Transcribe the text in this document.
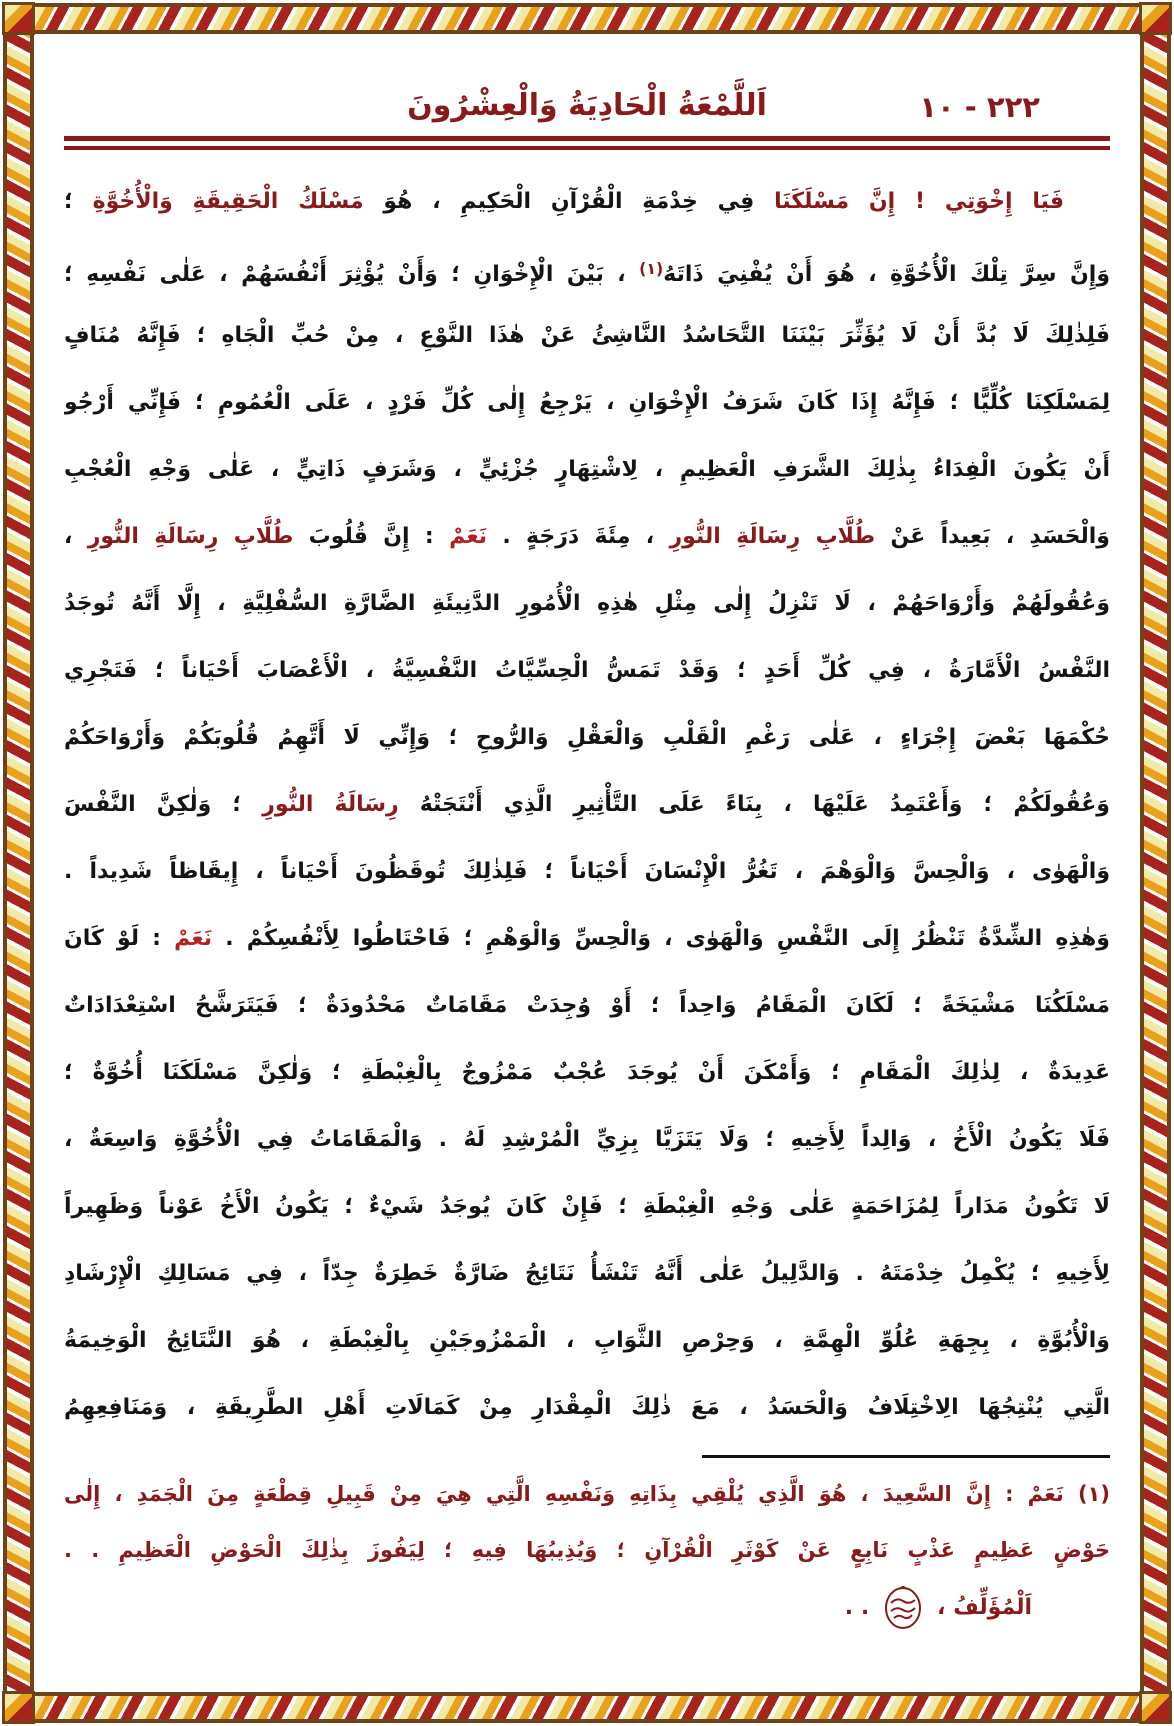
٢٢٢ - ١٠
اَللَّمْعَةُ الْحَادِيَةُ وَالْعِشْرُونَ
فَيَا إِخْوَتِي ! إِنَّ مَسْلَكَنَا فِي خِدْمَةِ الْقُرْآنِ الْحَكِيمِ ، هُوَ مَسْلَكُ الْحَقِيقَةِ وَالْأُخُوَّةِ ؛
وَإِنَّ سِرَّ تِلْكَ الْأُخُوَّةِ ، هُوَ أَنْ يُفْنِيَ ذَاتَهُ$^{(١)}$ ، بَيْنَ الْإِخْوَانِ ؛ وَأَنْ يُؤْثِرَ أَنْفُسَهُمْ ، عَلٰى نَفْسِهِ ؛
فَلِذٰلِكَ لَا بُدَّ أَنْ لَا يُؤَثِّرَ بَيْنَنَا التَّحَاسُدُ النَّاشِئُ عَنْ هٰذَا النَّوْعِ ، مِنْ حُبِّ الْجَاهِ ؛ فَإِنَّهُ مُنَافٍ
لِمَسْلَكِنَا كُلِّيًّا ؛ فَإِنَّهُ إِذَا كَانَ شَرَفُ الْإِخْوَانِ ، يَرْجِعُ إِلٰى كُلِّ فَرْدٍ ، عَلَى الْعُمُومِ ؛ فَإِنِّي أَرْجُو
أَنْ يَكُونَ الْفِدَاءُ بِذٰلِكَ الشَّرَفِ الْعَظِيمِ ، لِاشْتِهَارٍ جُزْئِيٍّ ، وَشَرَفٍ ذَاتِيٍّ ، عَلٰى وَجْهِ الْعُجْبِ
وَالْحَسَدِ ، بَعِيداً عَنْ طُلَّابِ رِسَالَةِ النُّورِ ، مِئَةَ دَرَجَةٍ . نَعَمْ : إِنَّ قُلُوبَ طُلَّابِ رِسَالَةِ النُّورِ ،
وَعُقُولَهُمْ وَأَرْوَاحَهُمْ ، لَا تَنْزِلُ إِلٰى مِثْلِ هٰذِهِ الْأُمُورِ الدَّنِيئَةِ الضَّارَّةِ السُّفْلِيَّةِ ، إِلَّا أَنَّهُ تُوجَدُ
النَّفْسُ الْأَمَّارَةُ ، فِي كُلِّ أَحَدٍ ؛ وَقَدْ تَمَسُّ الْحِسِّيَّاتُ النَّفْسِيَّةُ ، الْأَعْصَابَ أَحْيَاناً ؛ فَتَجْرِي
حُكْمَهَا بَعْضَ إِجْرَاءٍ ، عَلٰى رَغْمِ الْقَلْبِ وَالْعَقْلِ وَالرُّوحِ ؛ وَإِنِّي لَا أَتَّهِمُ قُلُوبَكُمْ وَأَرْوَاحَكُمْ
وَعُقُولَكُمْ ؛ وَأَعْتَمِدُ عَلَيْهَا ، بِنَاءً عَلَى التَّأْثِيرِ الَّذِي أَنْتَجَتْهُ رِسَالَةُ النُّورِ ؛ وَلٰكِنَّ النَّفْسَ
وَالْهَوٰى ، وَالْحِسَّ وَالْوَهْمَ ، تَغُرُّ الْإِنْسَانَ أَحْيَاناً ؛ فَلِذٰلِكَ تُوقَظُونَ أَحْيَاناً ، إِيقَاظاً شَدِيداً .
وَهٰذِهِ الشِّدَّةُ تَنْظُرُ إِلَى النَّفْسِ وَالْهَوٰى ، وَالْحِسِّ وَالْوَهْمِ ؛ فَاحْتَاطُوا لِأَنْفُسِكُمْ . نَعَمْ : لَوْ كَانَ
مَسْلَكُنَا مَشْيَخَةً ؛ لَكَانَ الْمَقَامُ وَاحِداً ؛ أَوْ وُجِدَتْ مَقَامَاتٌ مَحْدُودَةٌ ؛ فَيَتَرَشَّحُ اسْتِعْدَادَاتٌ
عَدِيدَةٌ ، لِذٰلِكَ الْمَقَامِ ؛ وَأَمْكَنَ أَنْ يُوجَدَ عُجْبٌ مَمْزُوجٌ بِالْغِبْطَةِ ؛ وَلٰكِنَّ مَسْلَكَنَا أُخُوَّةٌ ؛
فَلَا يَكُونُ الْأَخُ ، وَالِداً لِأَخِيهِ ؛ وَلَا يَتَزَيَّا بِزِيِّ الْمُرْشِدِ لَهُ . وَالْمَقَامَاتُ فِي الْأُخُوَّةِ وَاسِعَةٌ ،
لَا تَكُونُ مَدَاراً لِمُزَاحَمَةٍ عَلٰى وَجْهِ الْغِبْطَةِ ؛ فَإِنْ كَانَ يُوجَدُ شَيْءٌ ؛ يَكُونُ الْأَخُ عَوْناً وَظَهِيراً
لِأَخِيهِ ؛ يُكْمِلُ خِدْمَتَهُ . وَالدَّلِيلُ عَلٰى أَنَّهُ تَنْشَأُ نَتَائِجُ ضَارَّةٌ خَطِرَةٌ جِدّاً ، فِي مَسَالِكِ الْإِرْشَادِ
وَالْأُبُوَّةِ ، بِجِهَةِ عُلُوِّ الْهِمَّةِ ، وَحِرْصِ الثَّوَابِ ، الْمَمْزُوجَيْنِ بِالْغِبْطَةِ ، هُوَ النَّتَائِجُ الْوَخِيمَةُ
الَّتِي يُنْتِجُهَا الِاخْتِلَافُ وَالْحَسَدُ ، مَعَ ذٰلِكَ الْمِقْدَارِ مِنْ كَمَالَاتِ أَهْلِ الطَّرِيقَةِ ، وَمَنَافِعِهِمُ
(١) نَعَمْ : إِنَّ السَّعِيدَ ، هُوَ الَّذِي يُلْقِي بِذَاتِهِ وَنَفْسِهِ الَّتِي هِيَ مِنْ قَبِيلِ قِطْعَةٍ مِنَ الْجَمَدِ ، إِلٰى
حَوْضٍ عَظِيمٍ عَذْبٍ نَابِعٍ عَنْ كَوْثَرِ الْقُرْآنِ ؛ وَيُذِيبُهَا فِيهِ ؛ لِيَفُوزَ بِذٰلِكَ الْحَوْضِ الْعَظِيمِ . .
اَلْمُؤَلِّفُ ،
. .
